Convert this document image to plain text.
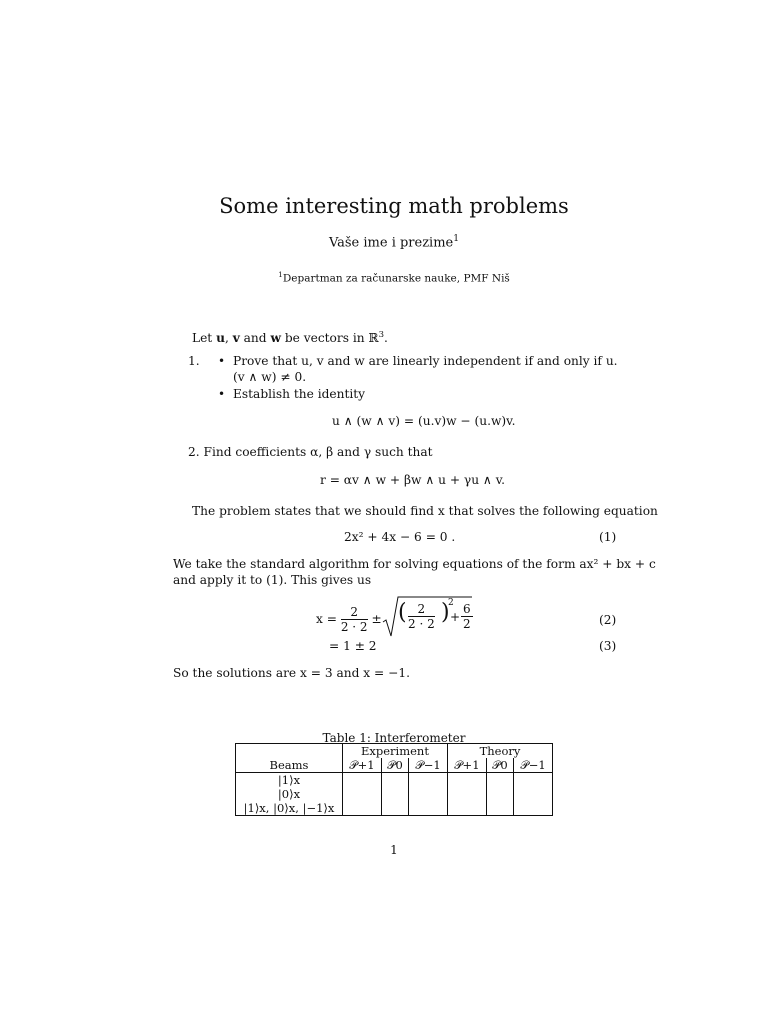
Some interesting math problems
Vaše ime i prezime$^1$
$^1$Departman za računarske nauke, PMF Niš
Let u, v and w be vectors in ℝ$^3$.
1. • Prove that u, v and w are linearly independent if and only if u.(v ∧ w) ≠ 0.
• Establish the identity
u ∧ (w ∧ v) = (u.v)w − (u.w)v.
2. Find coefficients α, β and γ such that
r = αv ∧ w + βw ∧ u + γu ∧ v.
The problem states that we should find x that solves the following equation
2x² + 4x − 6 = 0 .	(1)
We take the standard algorithm for solving equations of the form ax² + bx + c
and apply it to (1). This gives us
$x = \frac{2}{2 \cdot 2}$ ± ( $\frac{2}{2 \cdot 2}$ )
2
+ $\frac{6}{2}$	(2)
= 1 ± 2	(3)
So the solutions are x = 3 and x = −1.
Table 1: Interferometer
	Experiment			Theory		
Beams	𝒫+1	𝒫0	𝒫−1	𝒫+1	𝒫0	𝒫−1
|1⟩x						
|0⟩x						
|1⟩x, |0⟩x, |−1⟩x						
1
